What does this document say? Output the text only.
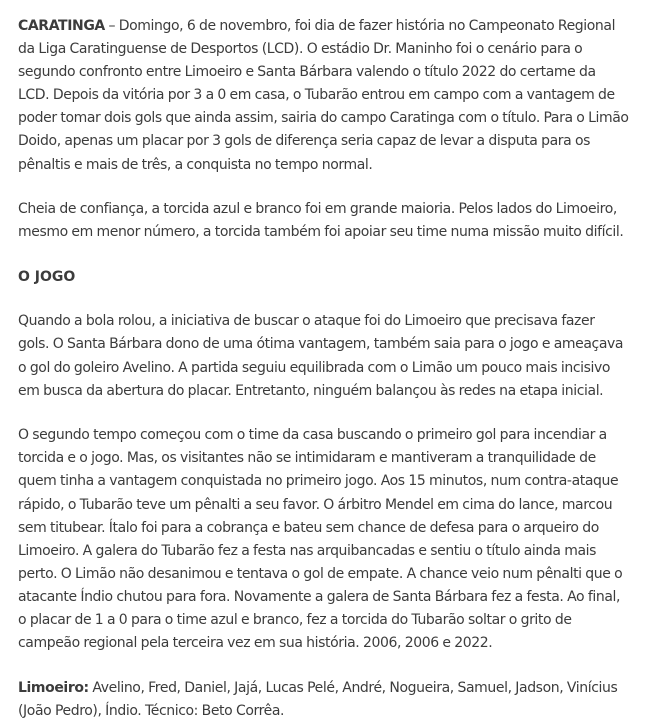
CARATINGA – Domingo, 6 de novembro, foi dia de fazer história no Campeonato Regional da Liga Caratinguense de Desportos (LCD). O estádio Dr. Maninho foi o cenário para o segundo confronto entre Limoeiro e Santa Bárbara valendo o título 2022 do certame da LCD. Depois da vitória por 3 a 0 em casa, o Tubarão entrou em campo com a vantagem de poder tomar dois gols que ainda assim, sairia do campo Caratinga com o título. Para o Limão Doido, apenas um placar por 3 gols de diferença seria capaz de levar a disputa para os pênaltis e mais de três, a conquista no tempo normal.

Cheia de confiança, a torcida azul e branco foi em grande maioria. Pelos lados do Limoeiro, mesmo em menor número, a torcida também foi apoiar seu time numa missão muito difícil.

O JOGO

Quando a bola rolou, a iniciativa de buscar o ataque foi do Limoeiro que precisava fazer gols. O Santa Bárbara dono de uma ótima vantagem, também saia para o jogo e ameaçava o gol do goleiro Avelino. A partida seguiu equilibrada com o Limão um pouco mais incisivo em busca da abertura do placar. Entretanto, ninguém balançou às redes na etapa inicial.

O segundo tempo começou com o time da casa buscando o primeiro gol para incendiar a torcida e o jogo. Mas, os visitantes não se intimidaram e mantiveram a tranquilidade de quem tinha a vantagem conquistada no primeiro jogo. Aos 15 minutos, num contra-ataque rápido, o Tubarão teve um pênalti a seu favor. O árbitro Mendel em cima do lance, marcou sem titubear. Ítalo foi para a cobrança e bateu sem chance de defesa para o arqueiro do Limoeiro. A galera do Tubarão fez a festa nas arquibancadas e sentiu o título ainda mais perto. O Limão não desanimou e tentava o gol de empate. A chance veio num pênalti que o atacante Índio chutou para fora. Novamente a galera de Santa Bárbara fez a festa. Ao final, o placar de 1 a 0 para o time azul e branco, fez a torcida do Tubarão soltar o grito de campeão regional pela terceira vez em sua história. 2006, 2006 e 2022.

Limoeiro: Avelino, Fred, Daniel, Jajá, Lucas Pelé, André, Nogueira, Samuel, Jadson, Vinícius (João Pedro), Índio. Técnico: Beto Corrêa.
